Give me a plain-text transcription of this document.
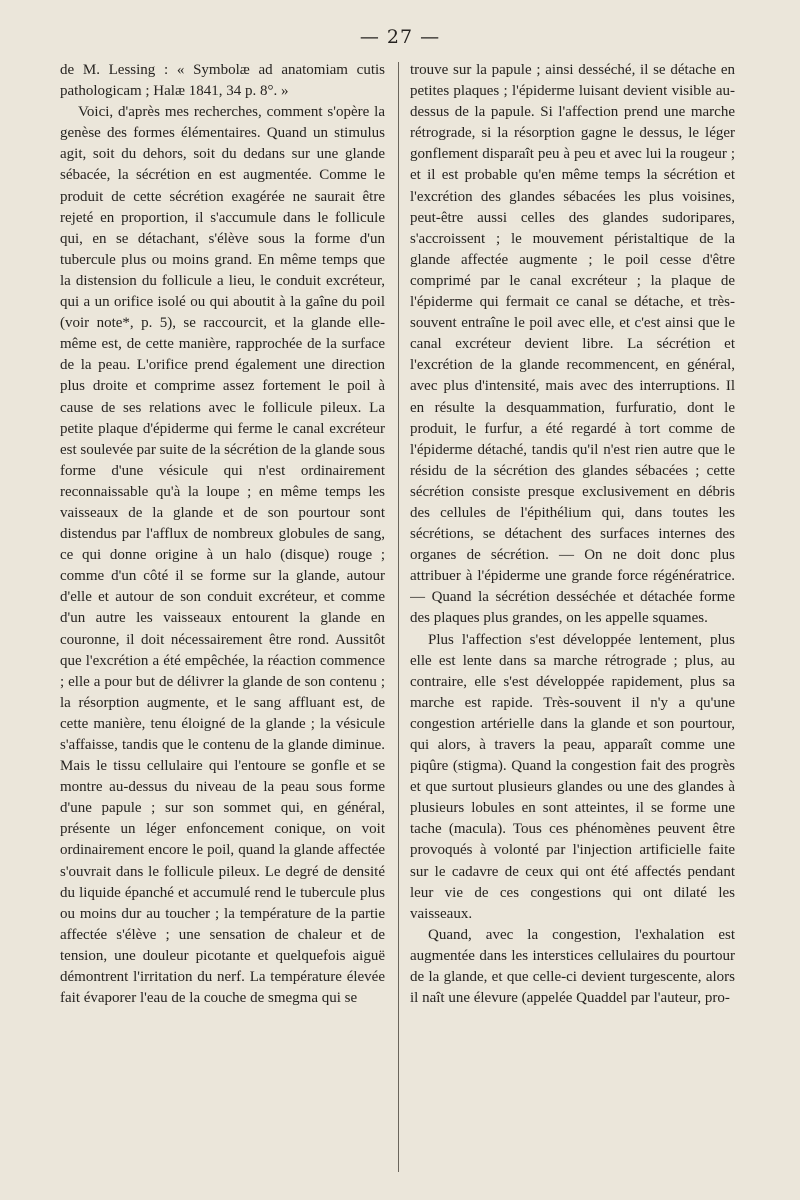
— 27 —

de M. Lessing : « Symbolæ ad anatomiam cutis pathologicam ; Halæ 1841, 34 p. 8°. »

Voici, d'après mes recherches, comment s'opère la genèse des formes élémentaires. Quand un stimulus agit, soit du dehors, soit du dedans sur une glande sébacée, la sécrétion en est augmentée. Comme le produit de cette sécrétion exagérée ne saurait être rejeté en proportion, il s'accumule dans le follicule qui, en se détachant, s'élève sous la forme d'un tubercule plus ou moins grand. En même temps que la distension du follicule a lieu, le conduit excréteur, qui a un orifice isolé ou qui aboutit à la gaîne du poil (voir note*, p. 5), se raccourcit, et la glande elle-même est, de cette manière, rapprochée de la surface de la peau. L'orifice prend également une direction plus droite et comprime assez fortement le poil à cause de ses relations avec le follicule pileux. La petite plaque d'épiderme qui ferme le canal excréteur est soulevée par suite de la sécrétion de la glande sous forme d'une vésicule qui n'est ordinairement reconnaissable qu'à la loupe ; en même temps les vaisseaux de la glande et de son pourtour sont distendus par l'afflux de nombreux globules de sang, ce qui donne origine à un halo (disque) rouge ; comme d'un côté il se forme sur la glande, autour d'elle et autour de son conduit excréteur, et comme d'un autre les vaisseaux entourent la glande en couronne, il doit nécessairement être rond. Aussitôt que l'excrétion a été empêchée, la réaction commence ; elle a pour but de délivrer la glande de son contenu ; la résorption augmente, et le sang affluant est, de cette manière, tenu éloigné de la glande ; la vésicule s'affaisse, tandis que le contenu de la glande diminue. Mais le tissu cellulaire qui l'entoure se gonfle et se montre au-dessus du niveau de la peau sous forme d'une papule ; sur son sommet qui, en général, présente un léger enfoncement conique, on voit ordinairement encore le poil, quand la glande affectée s'ouvrait dans le follicule pileux. Le degré de densité du liquide épanché et accumulé rend le tubercule plus ou moins dur au toucher ; la température de la partie affectée s'élève ; une sensation de chaleur et de tension, une douleur picotante et quelquefois aiguë démontrent l'irritation du nerf. La température élevée fait évaporer l'eau de la couche de smegma qui se

trouve sur la papule ; ainsi desséché, il se détache en petites plaques ; l'épiderme luisant devient visible au-dessus de la papule. Si l'affection prend une marche rétrograde, si la résorption gagne le dessus, le léger gonflement disparaît peu à peu et avec lui la rougeur ; et il est probable qu'en même temps la sécrétion et l'excrétion des glandes sébacées les plus voisines, peut-être aussi celles des glandes sudoripares, s'accroissent ; le mouvement péristaltique de la glande affectée augmente ; le poil cesse d'être comprimé par le canal excréteur ; la plaque de l'épiderme qui fermait ce canal se détache, et très-souvent entraîne le poil avec elle, et c'est ainsi que le canal excréteur devient libre. La sécrétion et l'excrétion de la glande recommencent, en général, avec plus d'intensité, mais avec des interruptions. Il en résulte la desquammation, furfuratio, dont le produit, le furfur, a été regardé à tort comme de l'épiderme détaché, tandis qu'il n'est rien autre que le résidu de la sécrétion des glandes sébacées ; cette sécrétion consiste presque exclusivement en débris des cellules de l'épithélium qui, dans toutes les sécrétions, se détachent des surfaces internes des organes de sécrétion. — On ne doit donc plus attribuer à l'épiderme une grande force régénératrice. — Quand la sécrétion desséchée et détachée forme des plaques plus grandes, on les appelle squames.

Plus l'affection s'est développée lentement, plus elle est lente dans sa marche rétrograde ; plus, au contraire, elle s'est développée rapidement, plus sa marche est rapide. Très-souvent il n'y a qu'une congestion artérielle dans la glande et son pourtour, qui alors, à travers la peau, apparaît comme une piqûre (stigma). Quand la congestion fait des progrès et que surtout plusieurs glandes ou une des glandes à plusieurs lobules en sont atteintes, il se forme une tache (macula). Tous ces phénomènes peuvent être provoqués à volonté par l'injection artificielle faite sur le cadavre de ceux qui ont été affectés pendant leur vie de ces congestions qui ont dilaté les vaisseaux.

Quand, avec la congestion, l'exhalation est augmentée dans les interstices cellulaires du pourtour de la glande, et que celle-ci devient turgescente, alors il naît une élevure (appelée Quaddel par l'auteur, pro-
